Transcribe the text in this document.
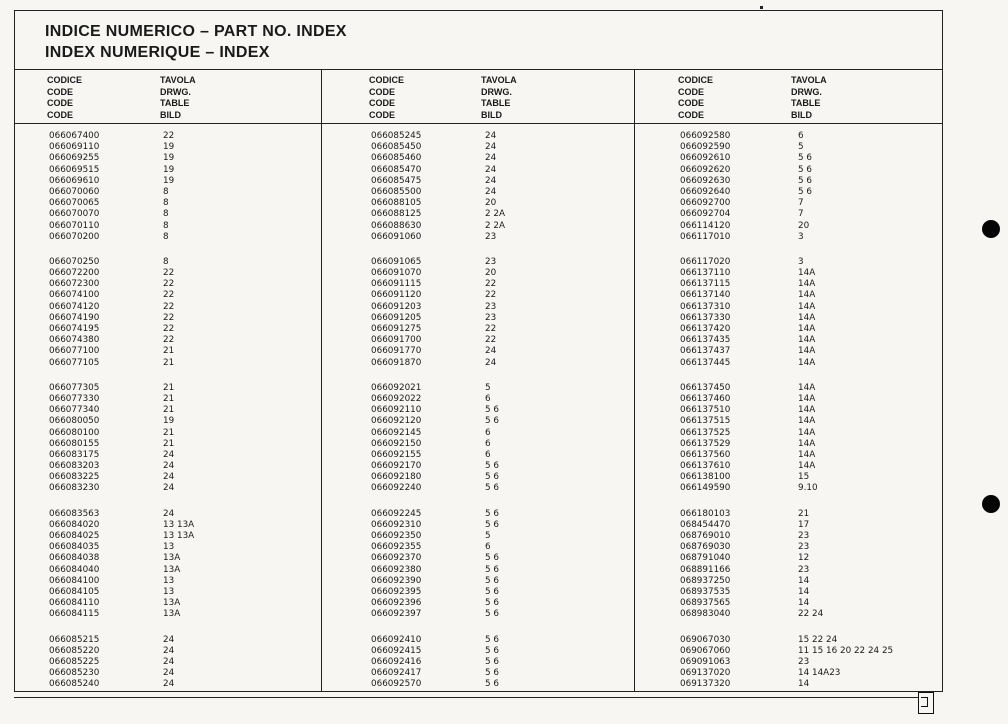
INDICE NUMERICO – PART NO. INDEX
INDEX NUMERIQUE – INDEX
CODICE
CODE
CODE
CODE
TAVOLA
DRWG.
TABLE
BILD
066067400	22
066069110	19
066069255	19
066069515	19
066069610	19
066070060	8
066070065	8
066070070	8
066070110	8
066070200	8
066070250	8
066072200	22
066072300	22
066074100	22
066074120	22
066074190	22
066074195	22
066074380	22
066077100	21
066077105	21
066077305	21
066077330	21
066077340	21
066080050	19
066080100	21
066080155	21
066083175	24
066083203	24
066083225	24
066083230	24
066083563	24
066084020	13 13A
066084025	13 13A
066084035	13
066084038	13A
066084040	13A
066084100	13
066084105	13
066084110	13A
066084115	13A
066085215	24
066085220	24
066085225	24
066085230	24
066085240	24
CODICE
CODE
CODE
CODE
TAVOLA
DRWG.
TABLE
BILD
066085245	24
066085450	24
066085460	24
066085470	24
066085475	24
066085500	24
066088105	20
066088125	2 2A
066088630	2 2A
066091060	23
066091065	23
066091070	20
066091115	22
066091120	22
066091203	23
066091205	23
066091275	22
066091700	22
066091770	24
066091870	24
066092021	5
066092022	6
066092110	5 6
066092120	5 6
066092145	6
066092150	6
066092155	6
066092170	5 6
066092180	5 6
066092240	5 6
066092245	5 6
066092310	5 6
066092350	5
066092355	6
066092370	5 6
066092380	5 6
066092390	5 6
066092395	5 6
066092396	5 6
066092397	5 6
066092410	5 6
066092415	5 6
066092416	5 6
066092417	5 6
066092570	5 6
CODICE
CODE
CODE
CODE
TAVOLA
DRWG.
TABLE
BILD
066092580	6
066092590	5
066092610	5 6
066092620	5 6
066092630	5 6
066092640	5 6
066092700	7
066092704	7
066114120	20
066117010	3
066117020	3
066137110	14A
066137115	14A
066137140	14A
066137310	14A
066137330	14A
066137420	14A
066137435	14A
066137437	14A
066137445	14A
066137450	14A
066137460	14A
066137510	14A
066137515	14A
066137525	14A
066137529	14A
066137560	14A
066137610	14A
066138100	15
066149590	9.10
066180103	21
068454470	17
068769010	23
068769030	23
068791040	12
068891166	23
068937250	14
068937535	14
068937565	14
068983040	22 24
069067030	15 22 24
069067060	11 15 16 20 22 24 25
069091063	23
069137020	14 14A23
069137320	14
